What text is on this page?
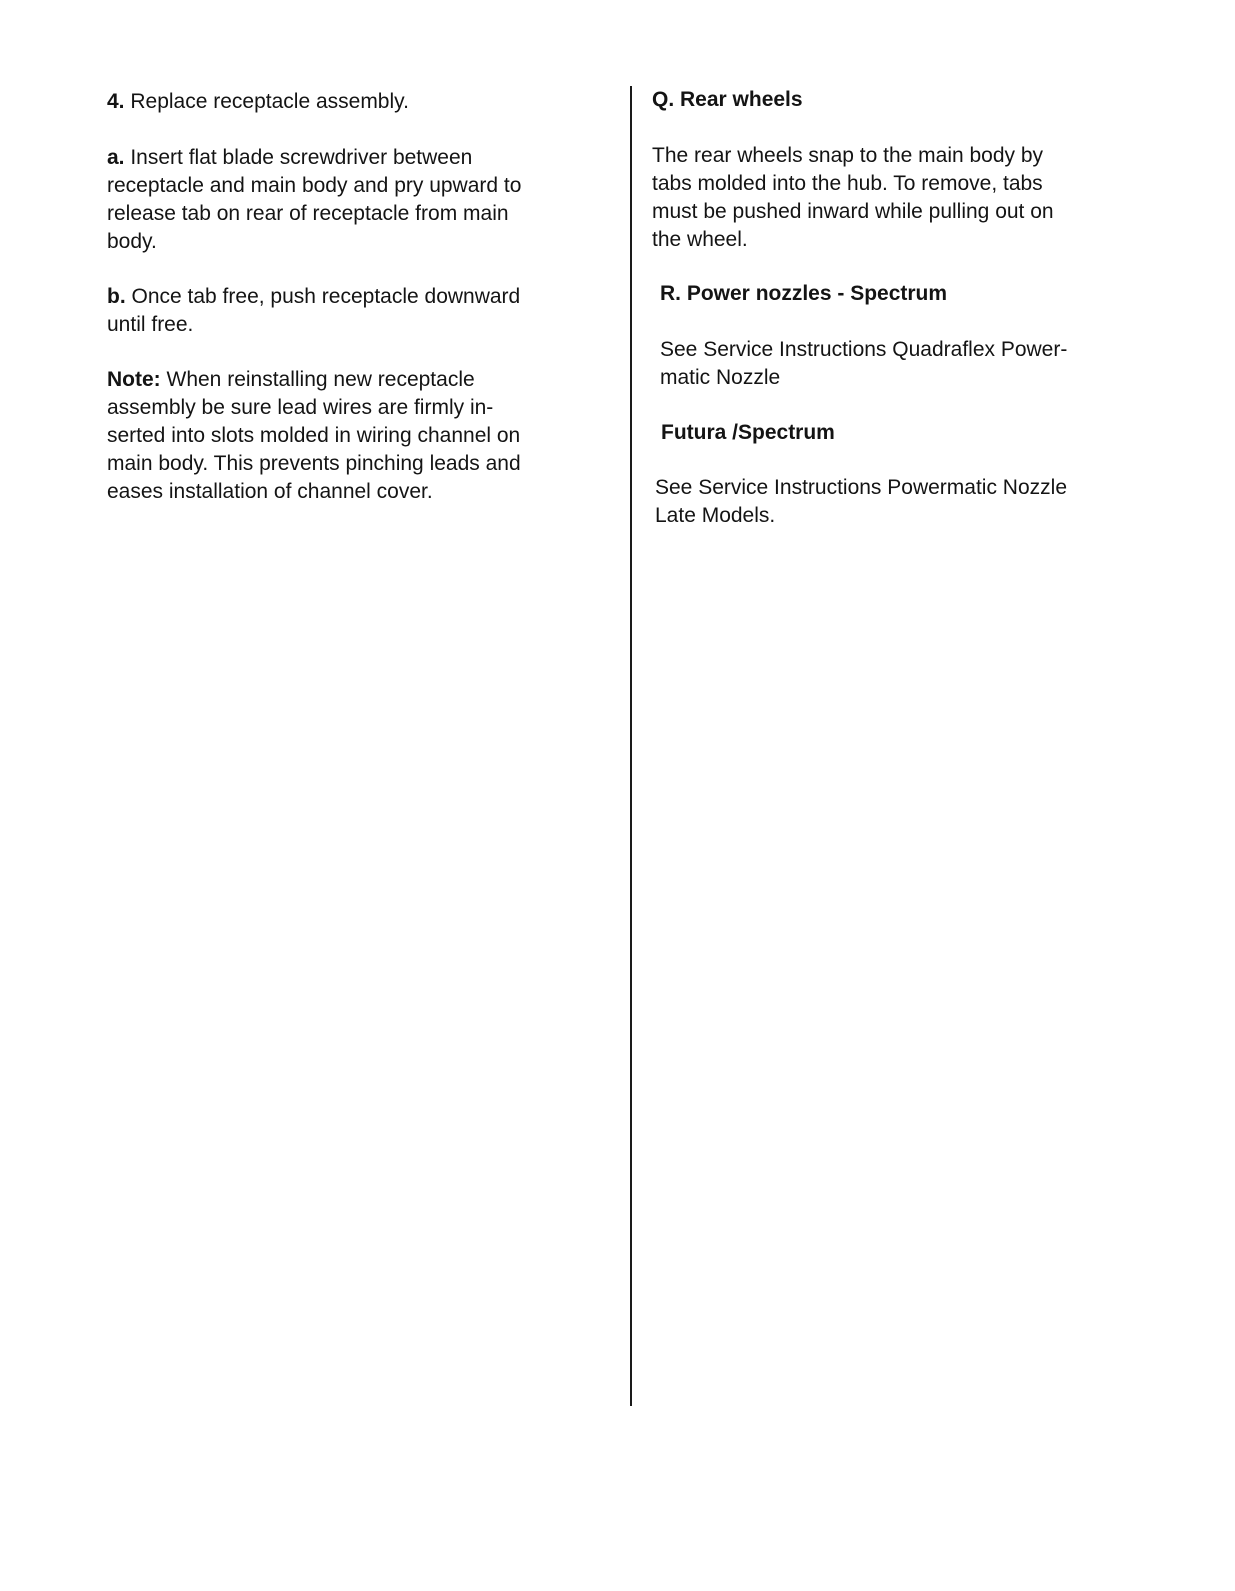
4. Replace receptacle assembly.

a. Insert flat blade screwdriver between
receptacle and main body and pry upward to
release tab on rear of receptacle from main
body.

b. Once tab free, push receptacle downward
until free.

Note: When reinstalling new receptacle
assembly be sure lead wires are firmly in-
serted into slots molded in wiring channel on
main body. This prevents pinching leads and
eases installation of channel cover.

Q. Rear wheels

The rear wheels snap to the main body by
tabs molded into the hub. To remove, tabs
must be pushed inward while pulling out on
the wheel.

R. Power nozzles - Spectrum

See Service Instructions Quadraflex Power-
matic Nozzle

Futura /Spectrum

See Service Instructions Powermatic Nozzle
Late Models.
